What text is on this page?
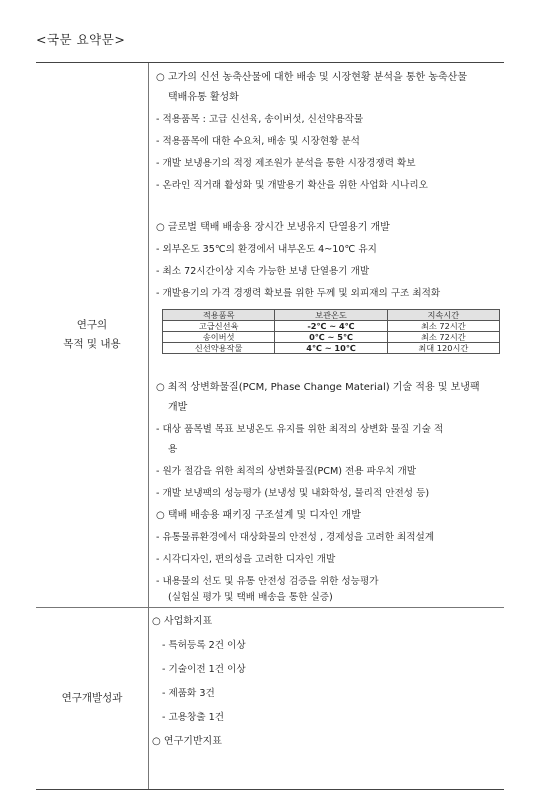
<국문 요약문>
연구의
목적 및 내용
○ 고가의 신선 농축산물에 대한 배송 및 시장현황 분석을 통한 농축산물
택배유통 활성화
- 적용품목 : 고급 신선육, 송이버섯, 신선약용작물
- 적용품목에 대한 수요처, 배송 및 시장현황 분석
- 개발 보냉용기의 적정 제조원가 분석을 통한 시장경쟁력 확보
- 온라인 직거래 활성화 및 개발용기 확산을 위한 사업화 시나리오
○ 글로벌 택배 배송용 장시간 보냉유지 단열용기 개발
- 외부온도 35℃의 환경에서 내부온도 4~10℃ 유지
- 최소 72시간이상 지속 가능한 보냉 단열용기 개발
- 개발용기의 가격 경쟁력 확보를 위한 두께 및 외피재의 구조 최적화
적용품목	보관온도	지속시간
고급신선육	-2℃ ~ 4℃	최소 72시간
송이버섯	0℃ ~ 5℃	최소 72시간
신선약용작물	4℃ ~ 10℃	최대 120시간
○ 최적 상변화물질(PCM, Phase Change Material) 기술 적용 및 보냉팩
개발
- 대상 품목별 목표 보냉온도 유지를 위한 최적의 상변화 물질 기술 적
용
- 원가 절감을 위한 최적의 상변화물질(PCM) 전용 파우치 개발
- 개발 보냉팩의 성능평가 (보냉성 및 내화학성, 물리적 안전성 등)
○ 택배 배송용 패키징 구조설계 및 디자인 개발
- 유통물류환경에서 대상화물의 안전성 , 경제성을 고려한 최적설계
- 시각디자인, 편의성을 고려한 디자인 개발
- 내용물의 선도 및 유통 안전성 검증을 위한 성능평가
(실험실 평가 및 택배 배송을 통한 실증)
연구개발성과
○ 사업화지표
- 특허등록 2건 이상
- 기술이전 1건 이상
- 제품화 3건
- 고용창출 1건
○ 연구기반지표
